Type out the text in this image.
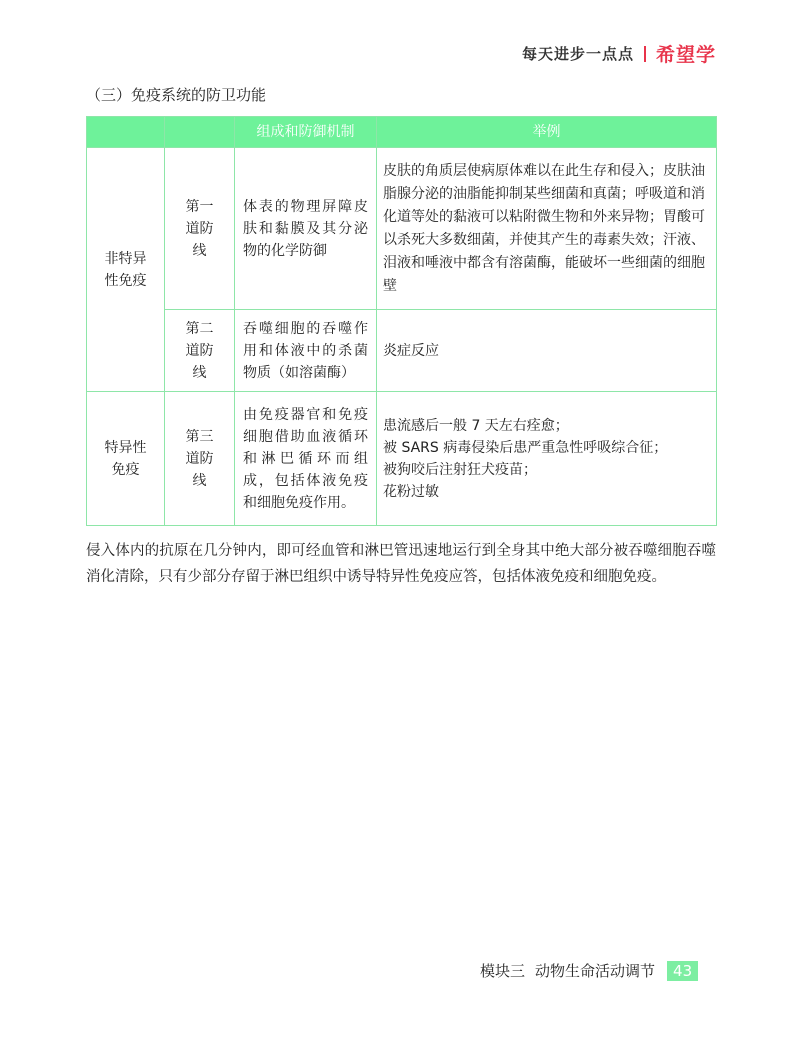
每天进步一点点 希望学
（三）免疫系统的防卫功能
		组成和防御机制	举例
非特异性免疫	第一道防线	体表的物理屏障皮肤和黏膜及其分泌物的化学防御	皮肤的角质层使病原体难以在此生存和侵入；皮肤油脂腺分泌的油脂能抑制某些细菌和真菌；呼吸道和消化道等处的黏液可以粘附微生物和外来异物；胃酸可以杀死大多数细菌，并使其产生的毒素失效；汗液、泪液和唾液中都含有溶菌酶，能破坏一些细菌的细胞壁
	第二道防线	吞噬细胞的吞噬作用和体液中的杀菌物质（如溶菌酶）	炎症反应
特异性免疫	第三道防线	由免疫器官和免疫细胞借助血液循环和淋巴循环而组成，包括体液免疫和细胞免疫作用。	患流感后一般 7 天左右痊愈；
被 SARS 病毒侵染后患严重急性呼吸综合征；
被狗咬后注射狂犬疫苗；
花粉过敏
侵入体内的抗原在几分钟内，即可经血管和淋巴管迅速地运行到全身其中绝大部分被吞噬细胞吞噬消化清除，只有少部分存留于淋巴组织中诱导特异性免疫应答，包括体液免疫和细胞免疫。
模块三 动物生命活动调节	43
